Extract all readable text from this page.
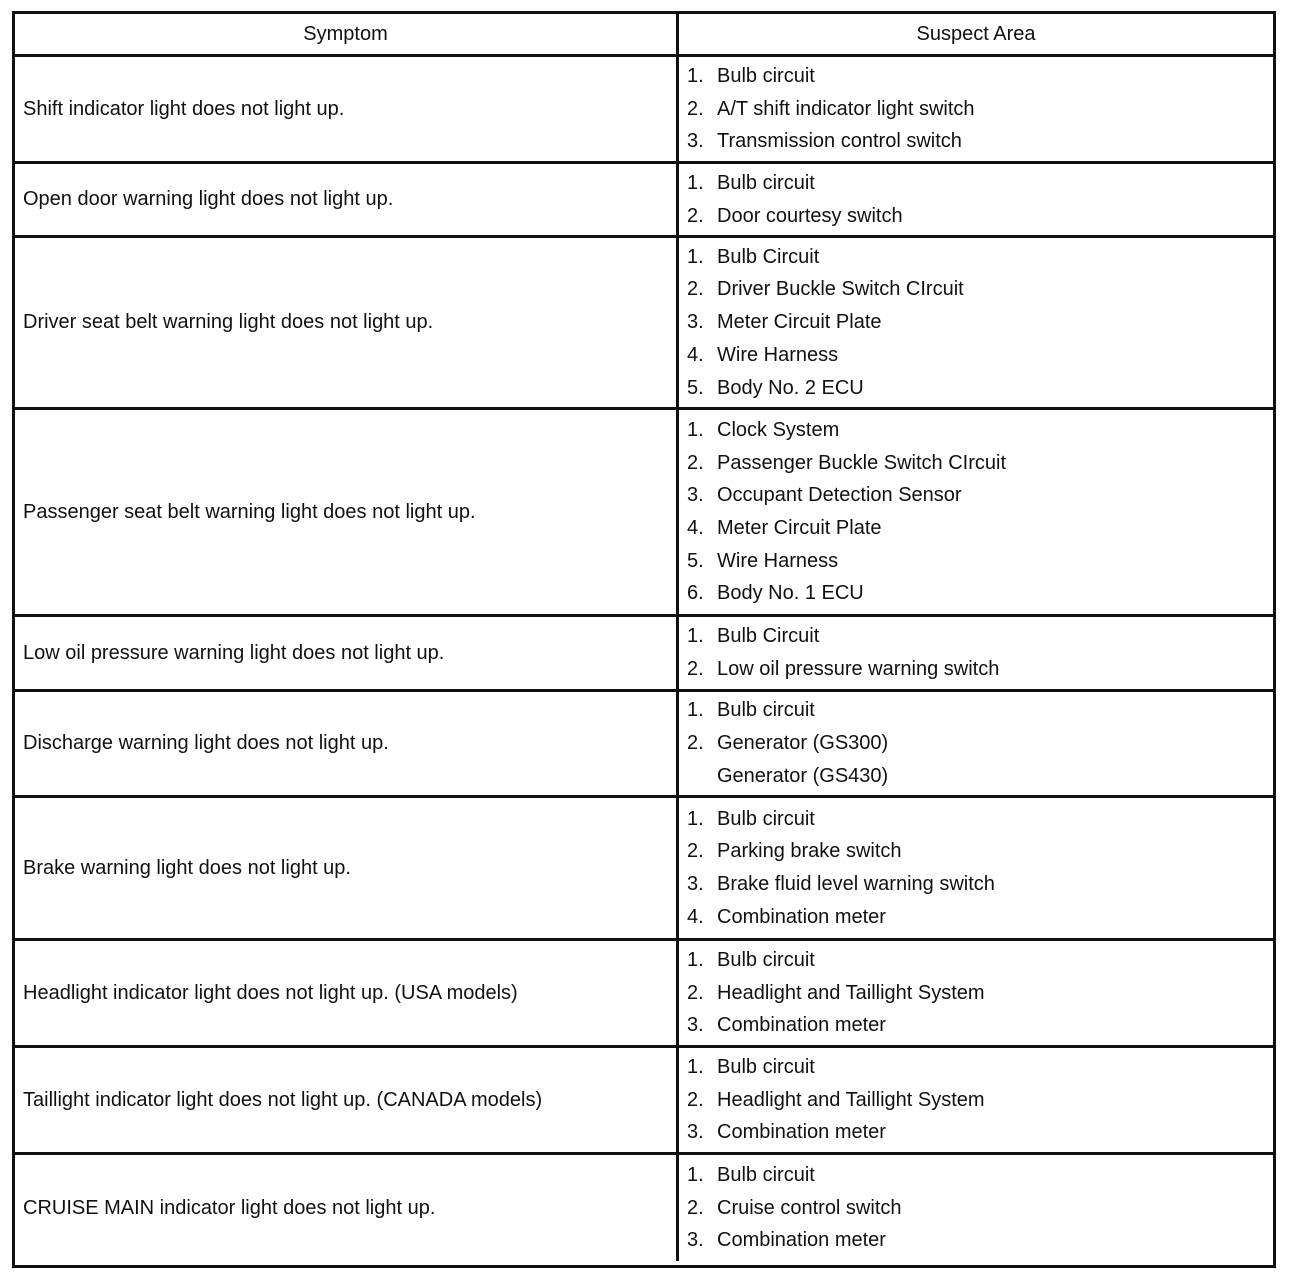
Symptom	Suspect Area
Shift indicator light does not light up.
1. Bulb circuit
2. A/T shift indicator light switch
3. Transmission control switch
Open door warning light does not light up.
1. Bulb circuit
2. Door courtesy switch
Driver seat belt warning light does not light up.
1. Bulb Circuit
2. Driver Buckle Switch CIrcuit
3. Meter Circuit Plate
4. Wire Harness
5. Body No. 2 ECU
Passenger seat belt warning light does not light up.
1. Clock System
2. Passenger Buckle Switch CIrcuit
3. Occupant Detection Sensor
4. Meter Circuit Plate
5. Wire Harness
6. Body No. 1 ECU
Low oil pressure warning light does not light up.
1. Bulb Circuit
2. Low oil pressure warning switch
Discharge warning light does not light up.
1. Bulb circuit
2. Generator (GS300)
Generator (GS430)
Brake warning light does not light up.
1. Bulb circuit
2. Parking brake switch
3. Brake fluid level warning switch
4. Combination meter
Headlight indicator light does not light up. (USA models)
1. Bulb circuit
2. Headlight and Taillight System
3. Combination meter
Taillight indicator light does not light up. (CANADA models)
1. Bulb circuit
2. Headlight and Taillight System
3. Combination meter
CRUISE MAIN indicator light does not light up.
1. Bulb circuit
2. Cruise control switch
3. Combination meter
